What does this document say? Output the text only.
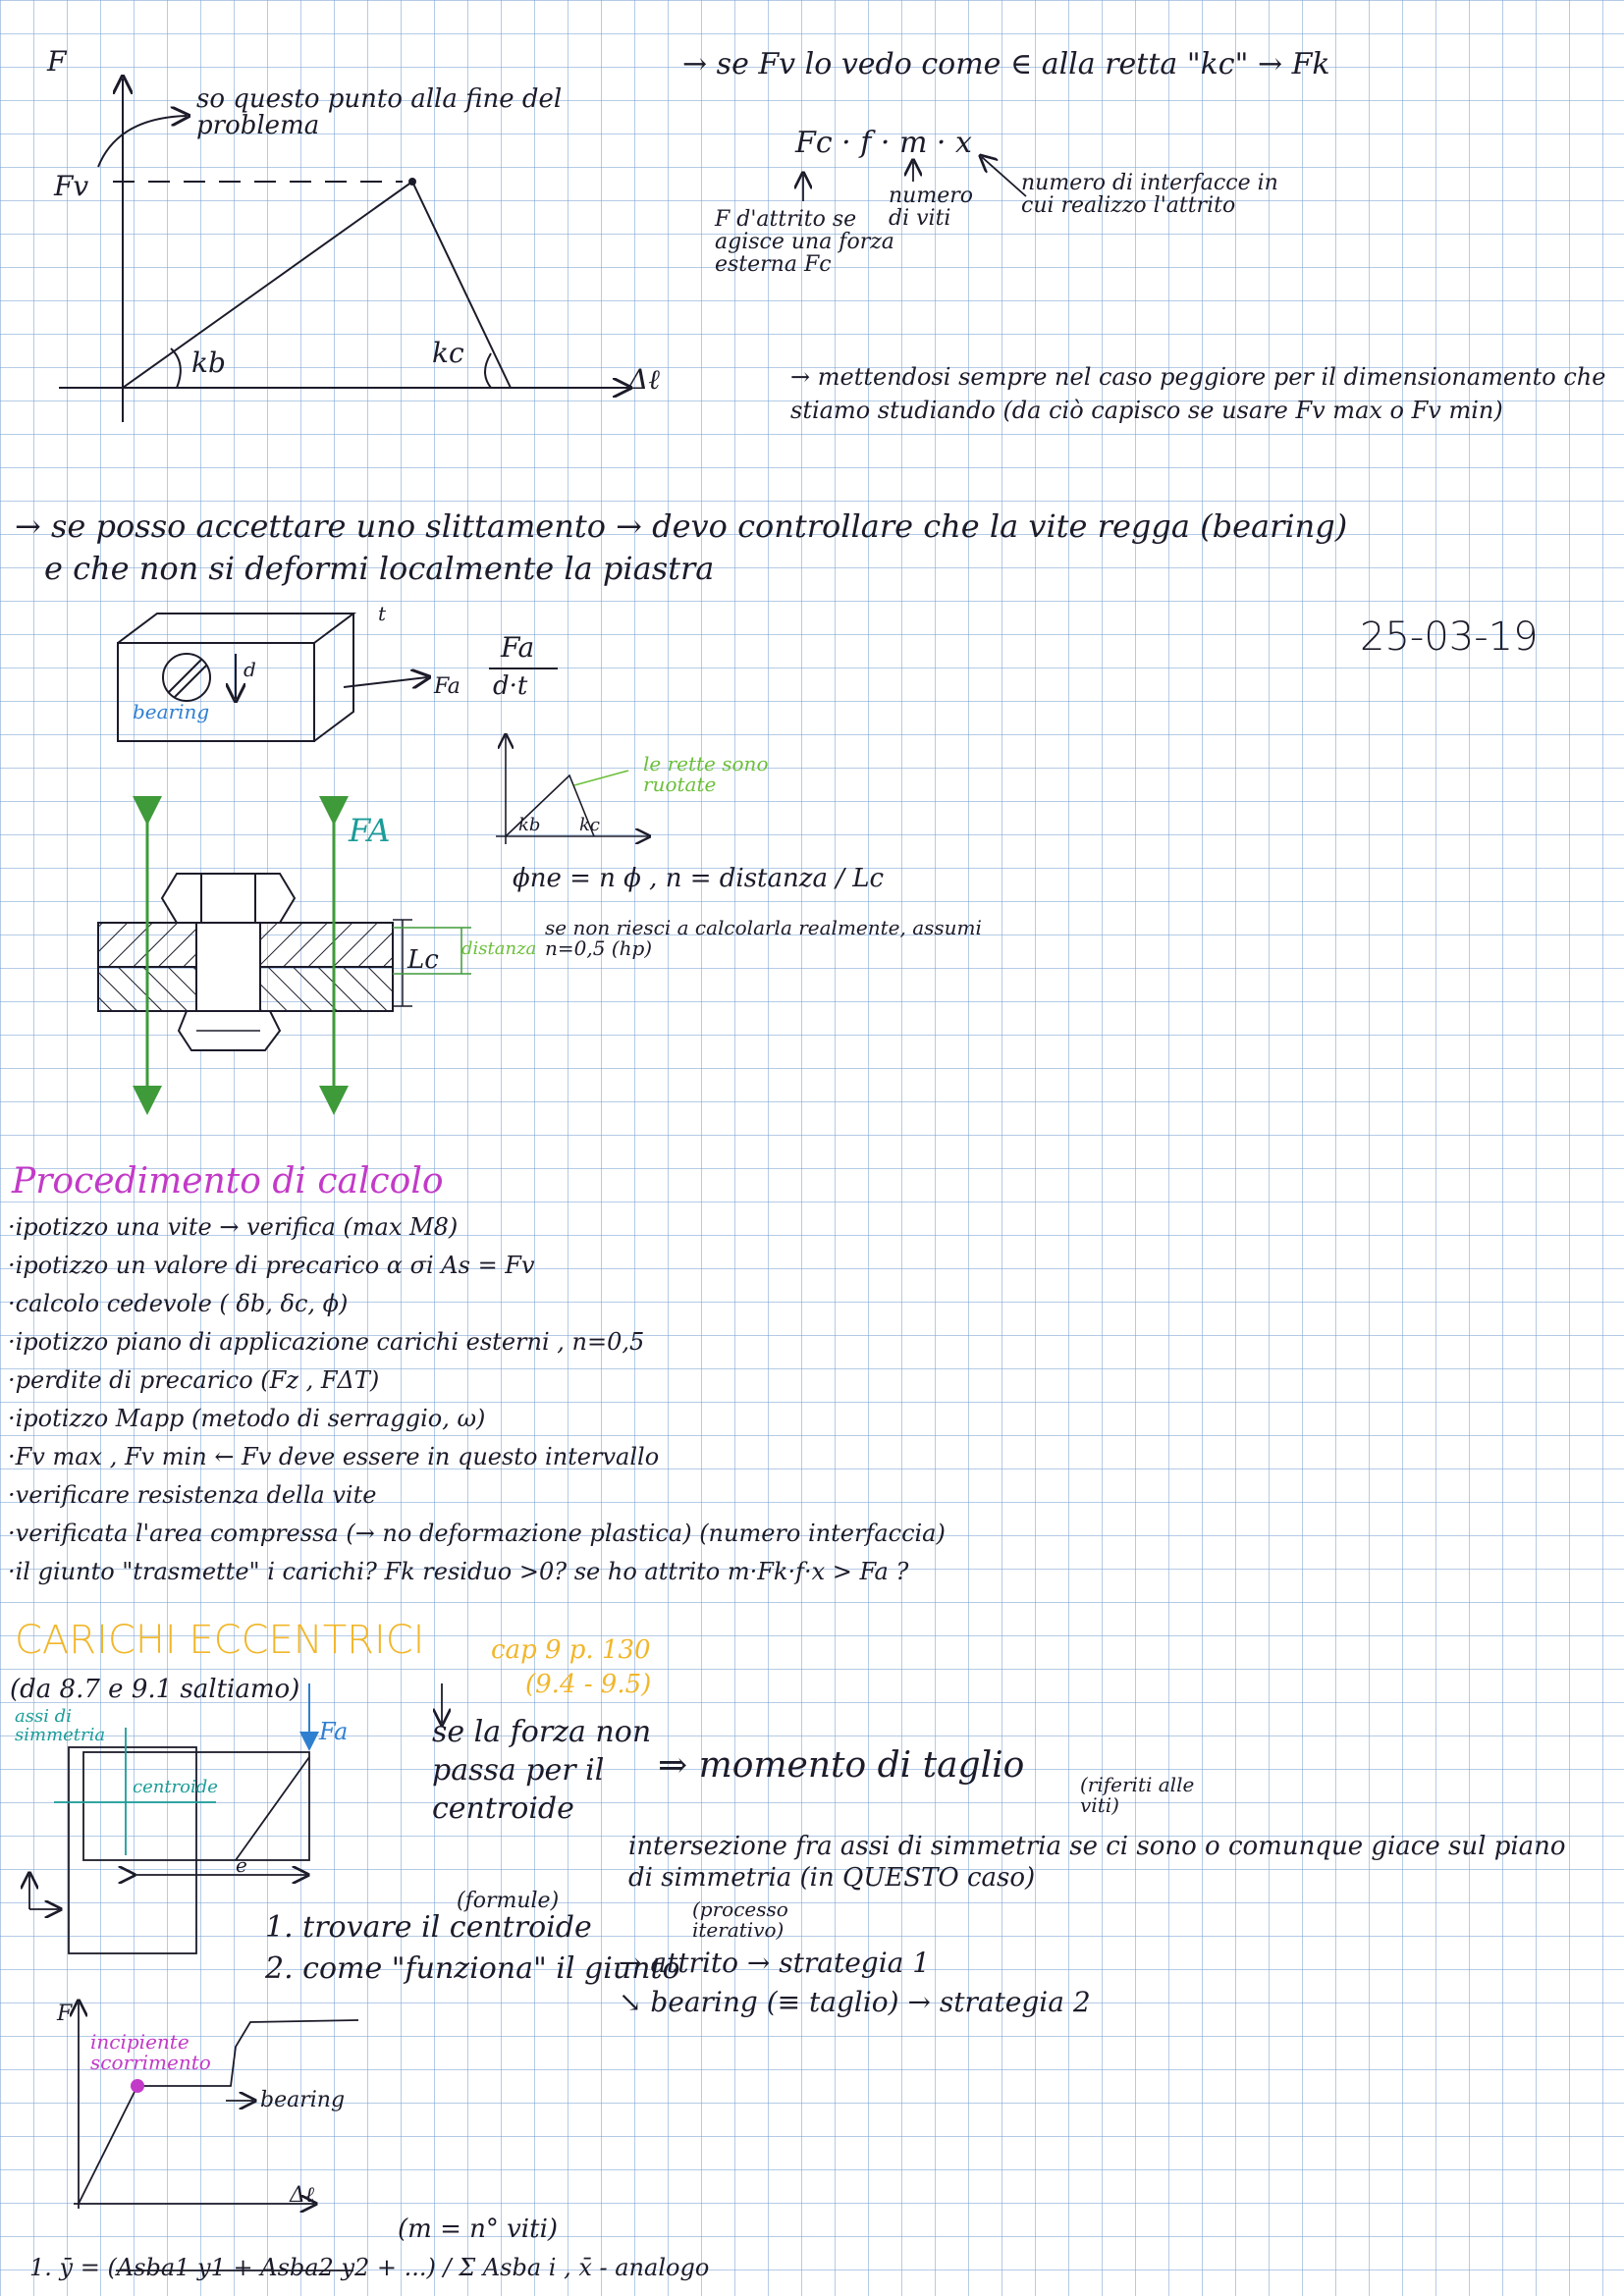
F
Δℓ
Fv
kb	kc
so questo punto alla fine del problema
→ se Fv lo vedo come ∈ alla retta "kc" → Fk
Fc · f · m · x
F d'attrito se agisce una forza esterna Fc
numero di viti
numero di interfacce in cui realizzo l'attrito
→ mettendosi sempre nel caso peggiore per il dimensionamento che stiamo studiando (da ciò capisco se usare Fv max o Fv min)
→ se posso accettare uno slittamento → devo controllare che la vite regga (bearing)
e che non si deformi localmente la piastra
25-03-19
d
t
Fa
bearing
Fa
d·t
le rette sono ruotate
kb kc
ϕne = n ϕ , n = distanza / Lc
se non riesci a calcolarla realmente, assumi n=0,5 (hp)
FA
Lc distanza
Procedimento di calcolo
·ipotizzo una vite → verifica (max M8)
·ipotizzo un valore di precarico α σi As = Fv
·calcolo cedevole ( δb, δc, ϕ)
·ipotizzo piano di applicazione carichi esterni , n=0,5
·perdite di precarico (Fz , FΔT)
·ipotizzo Mapp (metodo di serraggio, ω)
·Fv max , Fv min ← Fv deve essere in questo intervallo
·verificare resistenza della vite
·verificata l'area compressa (→ no deformazione plastica) (numero interfaccia)
·il giunto "trasmette" i carichi? Fk residuo >0? se ho attrito m·Fk·f·x > Fa ?
CARICHI ECCENTRICI	cap 9 p. 130
(9.4 - 9.5)
(da 8.7 e 9.1 saltiamo)
assi di simmetria
centroide
Fa
e
se la forza non passa per il centroide
⇒ momento di taglio	(riferiti alle viti)
intersezione fra assi di simmetria se ci sono o comunque giace sul piano
di simmetria (in QUESTO caso)
(formule)
1. trovare il centroide
2. come "funziona" il giunto
(processo iterativo)
→ attrito → strategia 1
↘ bearing (≡ taglio) → strategia 2
F
Δℓ
incipiente scorrimento
bearing
(m = n° viti)
1. ȳ = (Asba1 y1 + Asba2 y2 + ...) / Σ Asba i , x̄ - analogo
